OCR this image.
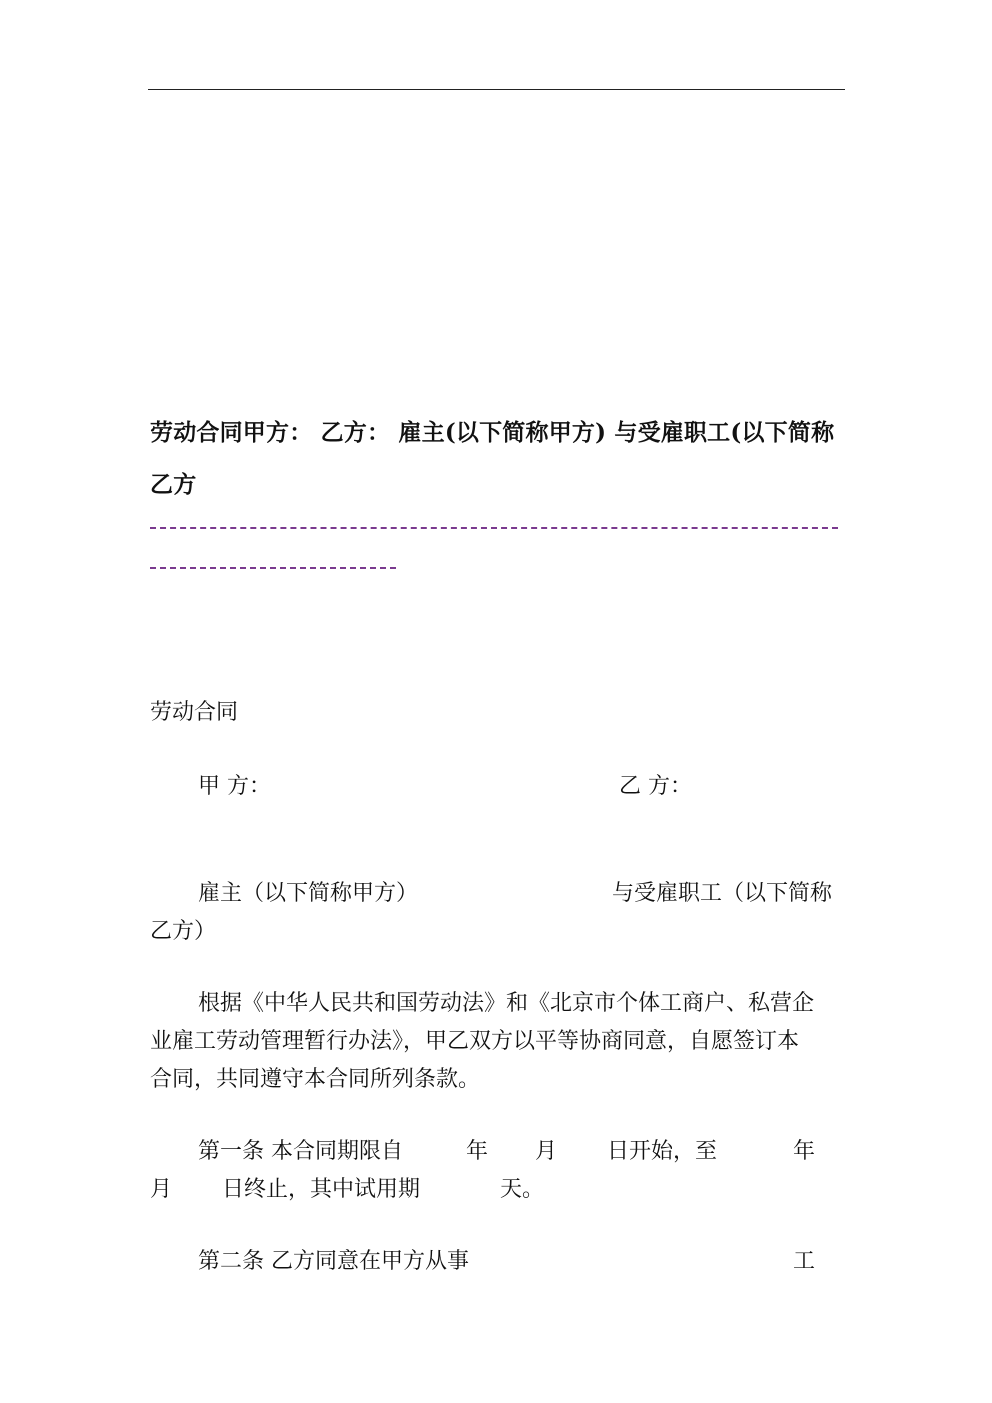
劳动合同甲方： 乙方： 雇主(以下简称甲方) 与受雇职工(以下简称
乙方
劳动合同
甲 方：	乙 方：
雇主（以下简称甲方）	与受雇职工（以下简称
乙方）
根据《中华人民共和国劳动法》和《北京市个体工商户、私营企
业雇工劳动管理暂行办法》，甲乙双方以平等协商同意，自愿签订本
合同，共同遵守本合同所列条款。
第一条 本合同期限自	年 月 日开始，至	年
月 日终止，其中试用期	天。
第二条 乙方同意在甲方从事	工
